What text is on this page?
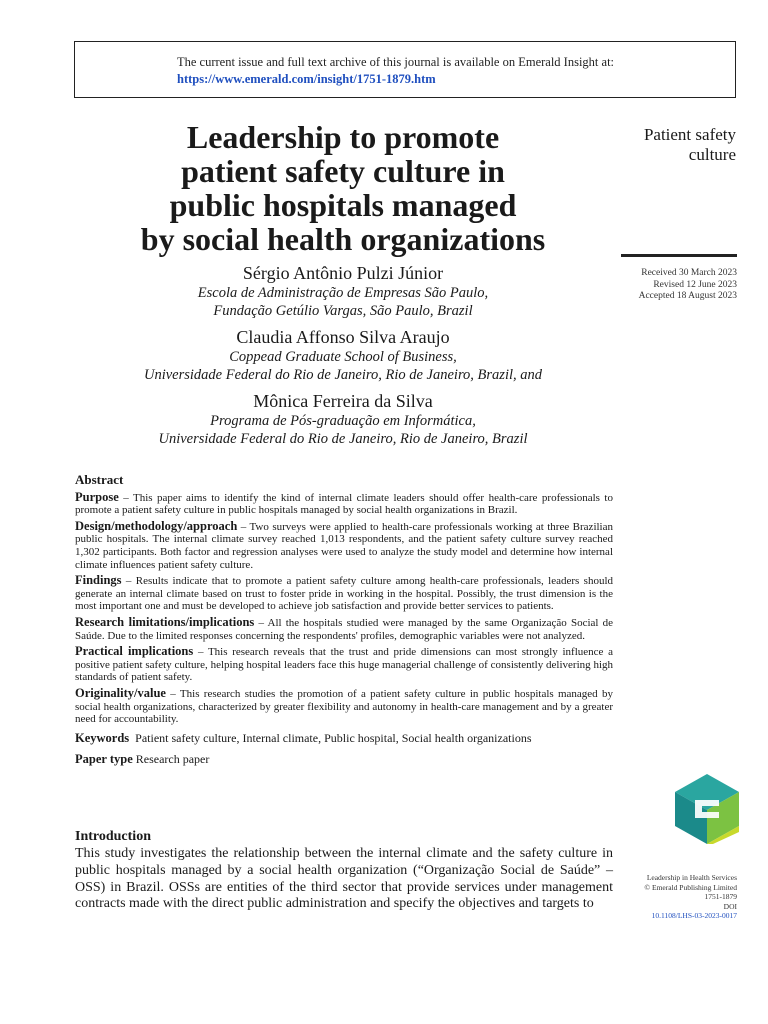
The current issue and full text archive of this journal is available on Emerald Insight at:
https://www.emerald.com/insight/1751-1879.htm
Leadership to promote
patient safety culture in
public hospitals managed
by social health organizations
Patient safety
culture
Received 30 March 2023
Revised 12 June 2023
Accepted 18 August 2023
Sérgio Antônio Pulzi Júnior
Escola de Administração de Empresas São Paulo,
Fundação Getúlio Vargas, São Paulo, Brazil
Claudia Affonso Silva Araujo
Coppead Graduate School of Business,
Universidade Federal do Rio de Janeiro, Rio de Janeiro, Brazil, and
Mônica Ferreira da Silva
Programa de Pós-graduação em Informática,
Universidade Federal do Rio de Janeiro, Rio de Janeiro, Brazil
Abstract

Purpose – This paper aims to identify the kind of internal climate leaders should offer health-care professionals to promote a patient safety culture in public hospitals managed by social health organizations in Brazil.

Design/methodology/approach – Two surveys were applied to health-care professionals working at three Brazilian public hospitals. The internal climate survey reached 1,013 respondents, and the patient safety culture survey reached 1,302 participants. Both factor and regression analyses were used to analyze the study model and determine how internal climate influences patient safety culture.

Findings – Results indicate that to promote a patient safety culture among health-care professionals, leaders should generate an internal climate based on trust to foster pride in working in the hospital. Possibly, the trust dimension is the most important one and must be developed to achieve job satisfaction and provide better services to patients.

Research limitations/implications – All the hospitals studied were managed by the same Organização Social de Saúde. Due to the limited responses concerning the respondents' profiles, demographic variables were not analyzed.

Practical implications – This research reveals that the trust and pride dimensions can most strongly influence a positive patient safety culture, helping hospital leaders face this huge managerial challenge of consistently delivering high standards of patient safety.

Originality/value – This research studies the promotion of a patient safety culture in public hospitals managed by social health organizations, characterized by greater flexibility and autonomy in health-care management and by a greater need for accountability.

Keywords Patient safety culture, Internal climate, Public hospital, Social health organizations
Paper type Research paper
Introduction
This study investigates the relationship between the internal climate and the safety culture in public hospitals managed by a social health organization (“Organização Social de Saúde” – OSS) in Brazil. OSSs are entities of the third sector that provide services under management contracts made with the direct public administration and specify the objectives and targets to
Leadership in Health Services
© Emerald Publishing Limited
1751-1879
DOI
10.1108/LHS-03-2023-0017
